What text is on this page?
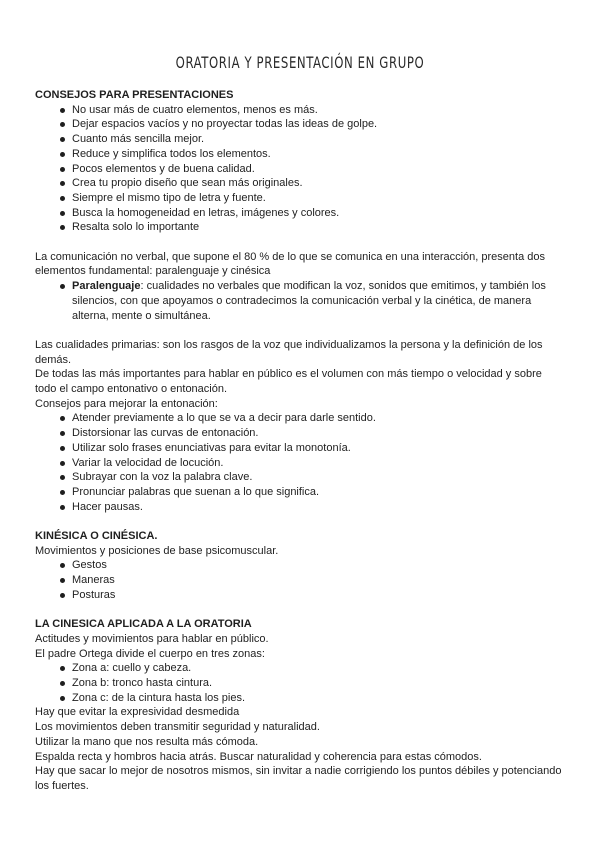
ORATORIA Y PRESENTACIÓN EN GRUPO

CONSEJOS PARA PRESENTACIONES

No usar más de cuatro elementos, menos es más.
Dejar espacios vacíos y no proyectar todas las ideas de golpe.
Cuanto más sencilla mejor.
Reduce y simplifica todos los elementos.
Pocos elementos y de buena calidad.
Crea tu propio diseño que sean más originales.
Siempre el mismo tipo de letra y fuente.
Busca la homogeneidad en letras, imágenes y colores.
Resalta solo lo importante

La comunicación no verbal, que supone el 80 % de lo que se comunica en una interacción, presenta dos elementos fundamental: paralenguaje y cinésica

Paralenguaje: cualidades no verbales que modifican la voz, sonidos que emitimos, y también los silencios, con que apoyamos o contradecimos la comunicación verbal y la cinética, de manera alterna, mente o simultánea.

Las cualidades primarias: son los rasgos de la voz que individualizamos la persona y la definición de los demás.

De todas las más importantes para hablar en público es el volumen con más tiempo o velocidad y sobre todo el campo entonativo o entonación.

Consejos para mejorar la entonación:

Atender previamente a lo que se va a decir para darle sentido.
Distorsionar las curvas de entonación.
Utilizar solo frases enunciativas para evitar la monotonía.
Variar la velocidad de locución.
Subrayar con la voz la palabra clave.
Pronunciar palabras que suenan a lo que significa.
Hacer pausas.

KINÉSICA O CINÉSICA.

Movimientos y posiciones de base psicomuscular.

Gestos
Maneras
Posturas

LA CINESICA APLICADA A LA ORATORIA

Actitudes y movimientos para hablar en público.

El padre Ortega divide el cuerpo en tres zonas:

Zona a: cuello y cabeza.
Zona b: tronco hasta cintura.
Zona c: de la cintura hasta los pies.

Hay que evitar la expresividad desmedida

Los movimientos deben transmitir seguridad y naturalidad.

Utilizar la mano que nos resulta más cómoda.

Espalda recta y hombros hacia atrás. Buscar naturalidad y coherencia para estas cómodos.

Hay que sacar lo mejor de nosotros mismos, sin invitar a nadie corrigiendo los puntos débiles y potenciando los fuertes.
